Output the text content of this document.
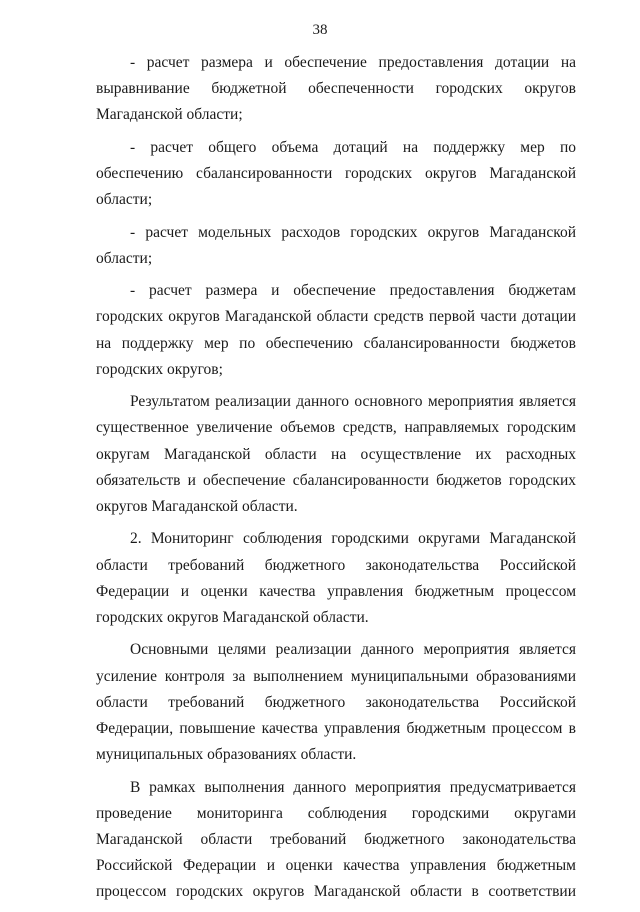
38

- расчет размера и обеспечение предоставления дотации на выравнивание бюджетной обеспеченности городских округов Магаданской области;

- расчет общего объема дотаций на поддержку мер по обеспечению сбалансированности городских округов Магаданской области;

- расчет модельных расходов городских округов Магаданской области;

- расчет размера и обеспечение предоставления бюджетам городских округов Магаданской области средств первой части дотации на поддержку мер по обеспечению сбалансированности бюджетов городских округов;

Результатом реализации данного основного мероприятия является существенное увеличение объемов средств, направляемых городским округам Магаданской области на осуществление их расходных обязательств и обеспечение сбалансированности бюджетов городских округов Магаданской области.

2. Мониторинг соблюдения городскими округами Магаданской области требований бюджетного законодательства Российской Федерации и оценки качества управления бюджетным процессом городских округов Магаданской области.

Основными целями реализации данного мероприятия является усиление контроля за выполнением муниципальными образованиями области требований бюджетного законодательства Российской Федерации, повышение качества управления бюджетным процессом в муниципальных образованиях области.

В рамках выполнения данного мероприятия предусматривается проведение мониторинга соблюдения городскими округами Магаданской области требований бюджетного законодательства Российской Федерации и оценки качества управления бюджетным процессом городских округов Магаданской области в соответствии
